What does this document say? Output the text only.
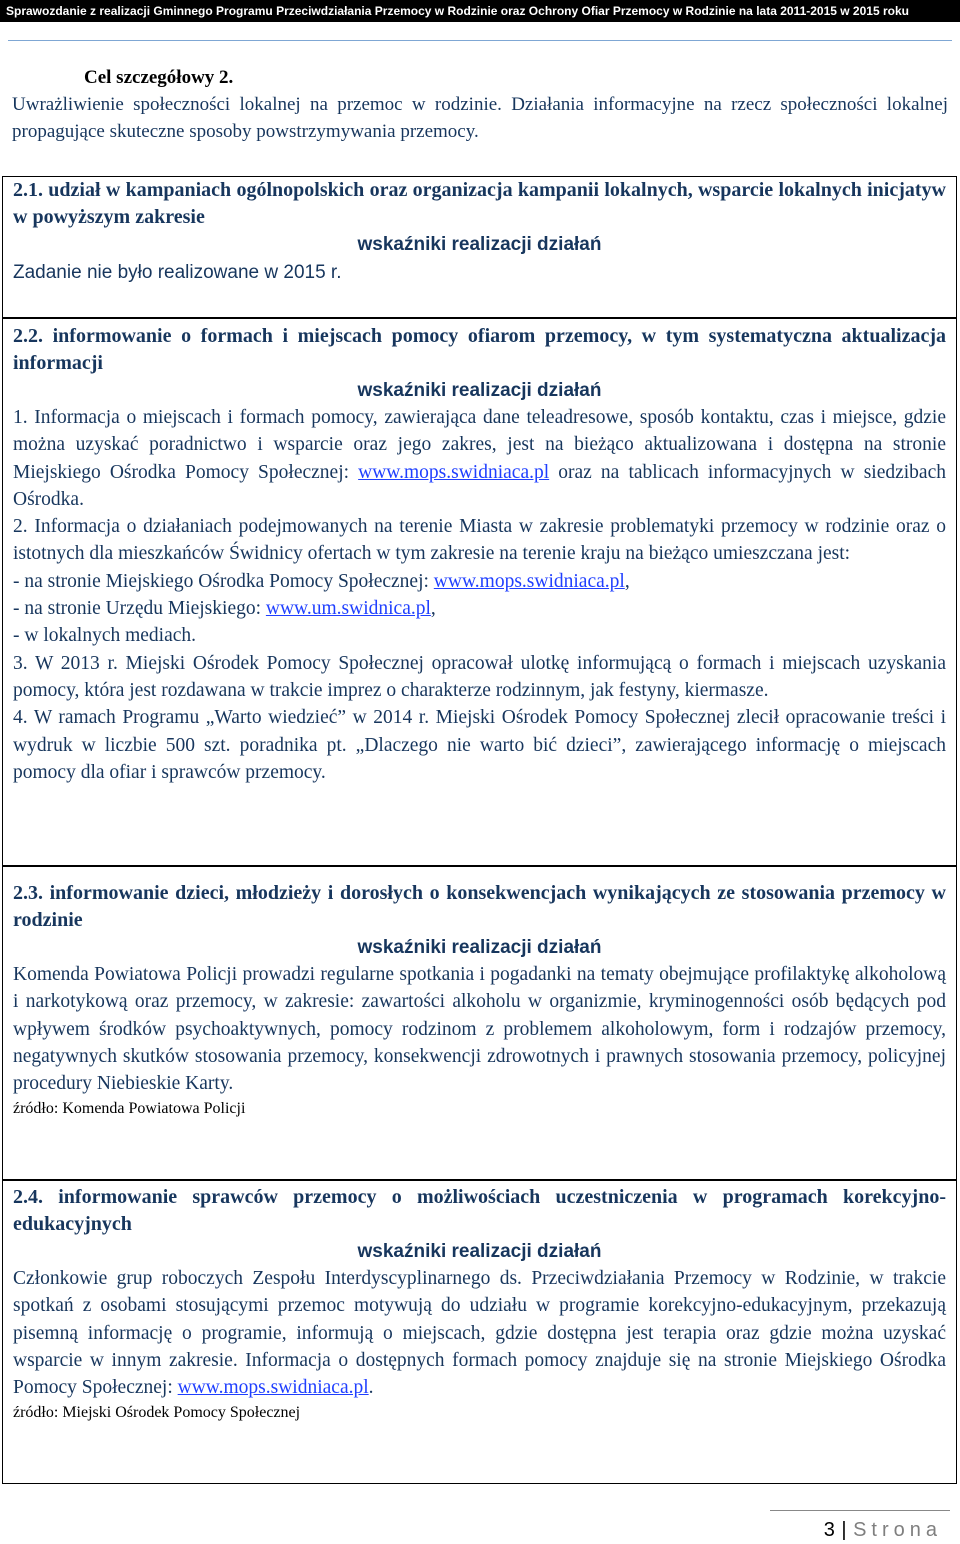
Sprawozdanie z realizacji Gminnego Programu Przeciwdziałania Przemocy w Rodzinie oraz Ochrony Ofiar Przemocy w Rodzinie na lata 2011-2015 w 2015 roku
Cel szczegółowy 2.
Uwrażliwienie społeczności lokalnej na przemoc w rodzinie. Działania informacyjne na rzecz społeczności lokalnej propagujące skuteczne sposoby powstrzymywania przemocy.
2.1. udział w kampaniach ogólnopolskich oraz organizacja kampanii lokalnych, wsparcie lokalnych inicjatyw w powyższym zakresie
wskaźniki realizacji działań
Zadanie nie było realizowane w 2015 r.
2.2. informowanie o formach i miejscach pomocy ofiarom przemocy, w tym systematyczna aktualizacja informacji
wskaźniki realizacji działań

1. Informacja o miejscach i formach pomocy, zawierająca dane teleadresowe, sposób kontaktu, czas i miejsce, gdzie można uzyskać poradnictwo i wsparcie oraz jego zakres, jest na bieżąco aktualizowana i dostępna na stronie Miejskiego Ośrodka Pomocy Społecznej: www.mops.swidniaca.pl oraz na tablicach informacyjnych w siedzibach Ośrodka.

2. Informacja o działaniach podejmowanych na terenie Miasta w zakresie problematyki przemocy w rodzinie oraz o istotnych dla mieszkańców Świdnicy ofertach w tym zakresie na terenie kraju na bieżąco umieszczana jest:

- na stronie Miejskiego Ośrodka Pomocy Społecznej: www.mops.swidniaca.pl,

- na stronie Urzędu Miejskiego: www.um.swidnica.pl,

- w lokalnych mediach.

3. W 2013 r. Miejski Ośrodek Pomocy Społecznej opracował ulotkę informującą o formach i miejscach uzyskania pomocy, która jest rozdawana w trakcie imprez o charakterze rodzinnym, jak festyny, kiermasze.

4. W ramach Programu „Warto wiedzieć” w 2014 r. Miejski Ośrodek Pomocy Społecznej zlecił opracowanie treści i wydruk w liczbie 500 szt. poradnika pt. „Dlaczego nie warto bić dzieci”, zawierającego informację o miejscach pomocy dla ofiar i sprawców przemocy.

2.3. informowanie dzieci, młodzieży i dorosłych o konsekwencjach wynikających ze stosowania przemocy w rodzinie
wskaźniki realizacji działań
Komenda Powiatowa Policji prowadzi regularne spotkania i pogadanki na tematy obejmujące profilaktykę alkoholową i narkotykową oraz przemocy, w zakresie: zawartości alkoholu w organizmie, kryminogenności osób będących pod wpływem środków psychoaktywnych, pomocy rodzinom z problemem alkoholowym, form i rodzajów przemocy, negatywnych skutków stosowania przemocy, konsekwencji zdrowotnych i prawnych stosowania przemocy, policyjnej procedury Niebieskie Karty.
źródło: Komenda Powiatowa Policji
2.4. informowanie sprawców przemocy o możliwościach uczestniczenia w programach korekcyjno-edukacyjnych
wskaźniki realizacji działań
Członkowie grup roboczych Zespołu Interdyscyplinarnego ds. Przeciwdziałania Przemocy w Rodzinie, w trakcie spotkań z osobami stosującymi przemoc motywują do udziału w programie korekcyjno-edukacyjnym, przekazują pisemną informację o programie, informują o miejscach, gdzie dostępna jest terapia oraz gdzie można uzyskać wsparcie w innym zakresie. Informacja o dostępnych formach pomocy znajduje się na stronie Miejskiego Ośrodka Pomocy Społecznej: www.mops.swidniaca.pl.
źródło: Miejski Ośrodek Pomocy Społecznej
3 | Strona
